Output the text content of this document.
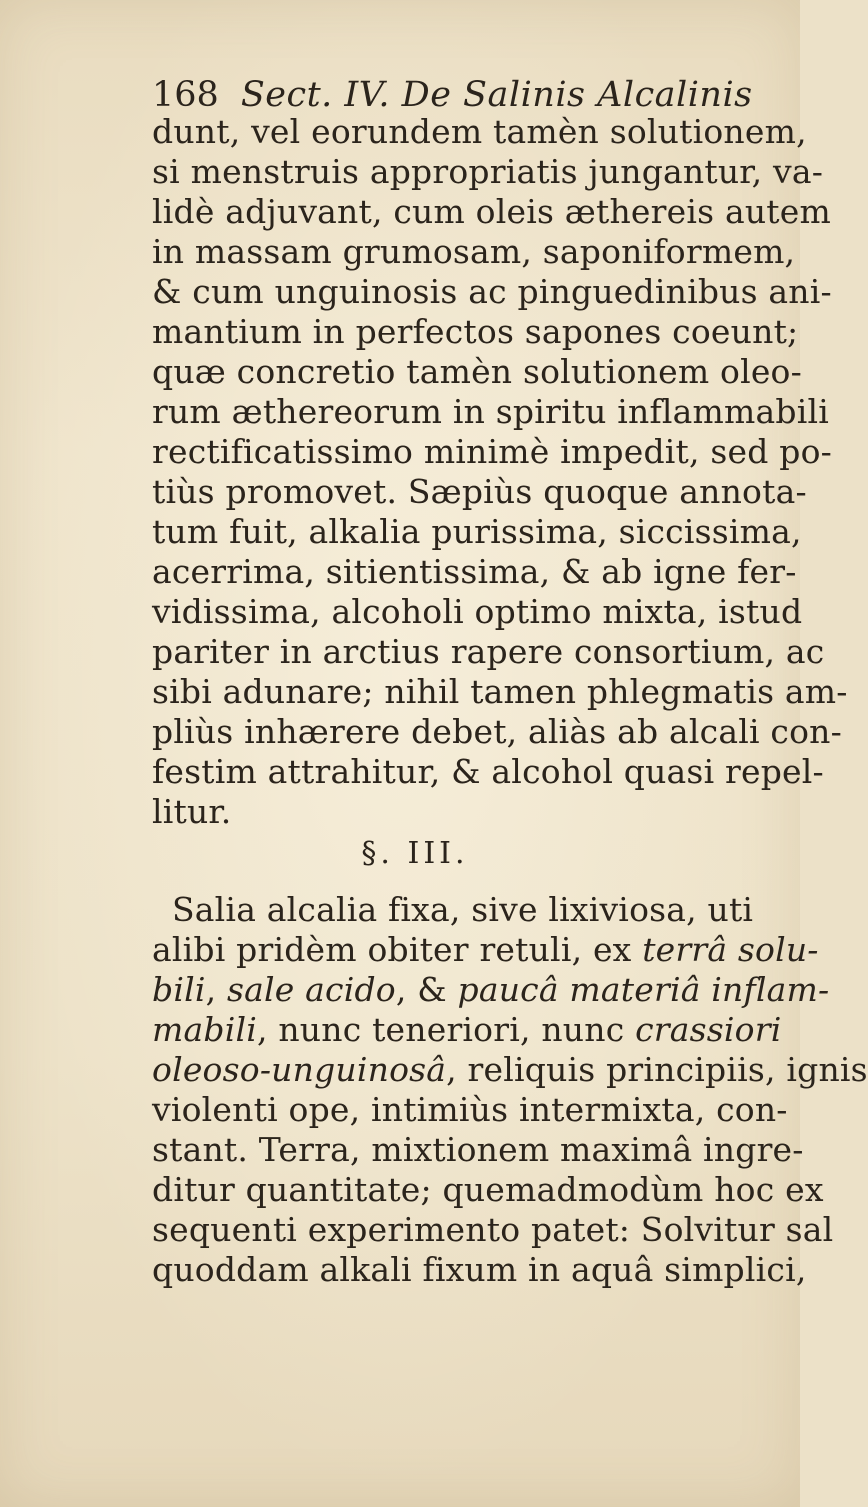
168 Sect. IV. De Salinis Alcalinis
dunt, vel eorundem tamèn solutionem,
si menstruis appropriatis jungantur, va-
lidè adjuvant, cum oleis æthereis autem
in massam grumosam, saponiformem,
& cum unguinosis ac pinguedinibus ani-
mantium in perfectos sapones coeunt;
quæ concretio tamèn solutionem oleo-
rum æthereorum in spiritu inflammabili
rectificatissimo minimè impedit, sed po-
tiùs promovet. Sæpiùs quoque annota-
tum fuit, alkalia purissima, siccissima,
acerrima, sitientissima, & ab igne fer-
vidissima, alcoholi optimo mixta, istud
pariter in arctius rapere consortium, ac
sibi adunare; nihil tamen phlegmatis am-
pliùs inhærere debet, aliàs ab alcali con-
festim attrahitur, & alcohol quasi repel-
litur.
§. III.
Salia alcalia fixa, sive lixiviosa, uti
alibi pridèm obiter retuli, ex terrâ solu-
bili, sale acido, & paucâ materiâ inflam-
mabili, nunc teneriori, nunc crassiori
oleoso-unguinosâ, reliquis principiis, ignis
violenti ope, intimiùs intermixta, con-
stant. Terra, mixtionem maximâ ingre-
ditur quantitate; quemadmodùm hoc ex
sequenti experimento patet: Solvitur sal
quoddam alkali fixum in aquâ simplici,
